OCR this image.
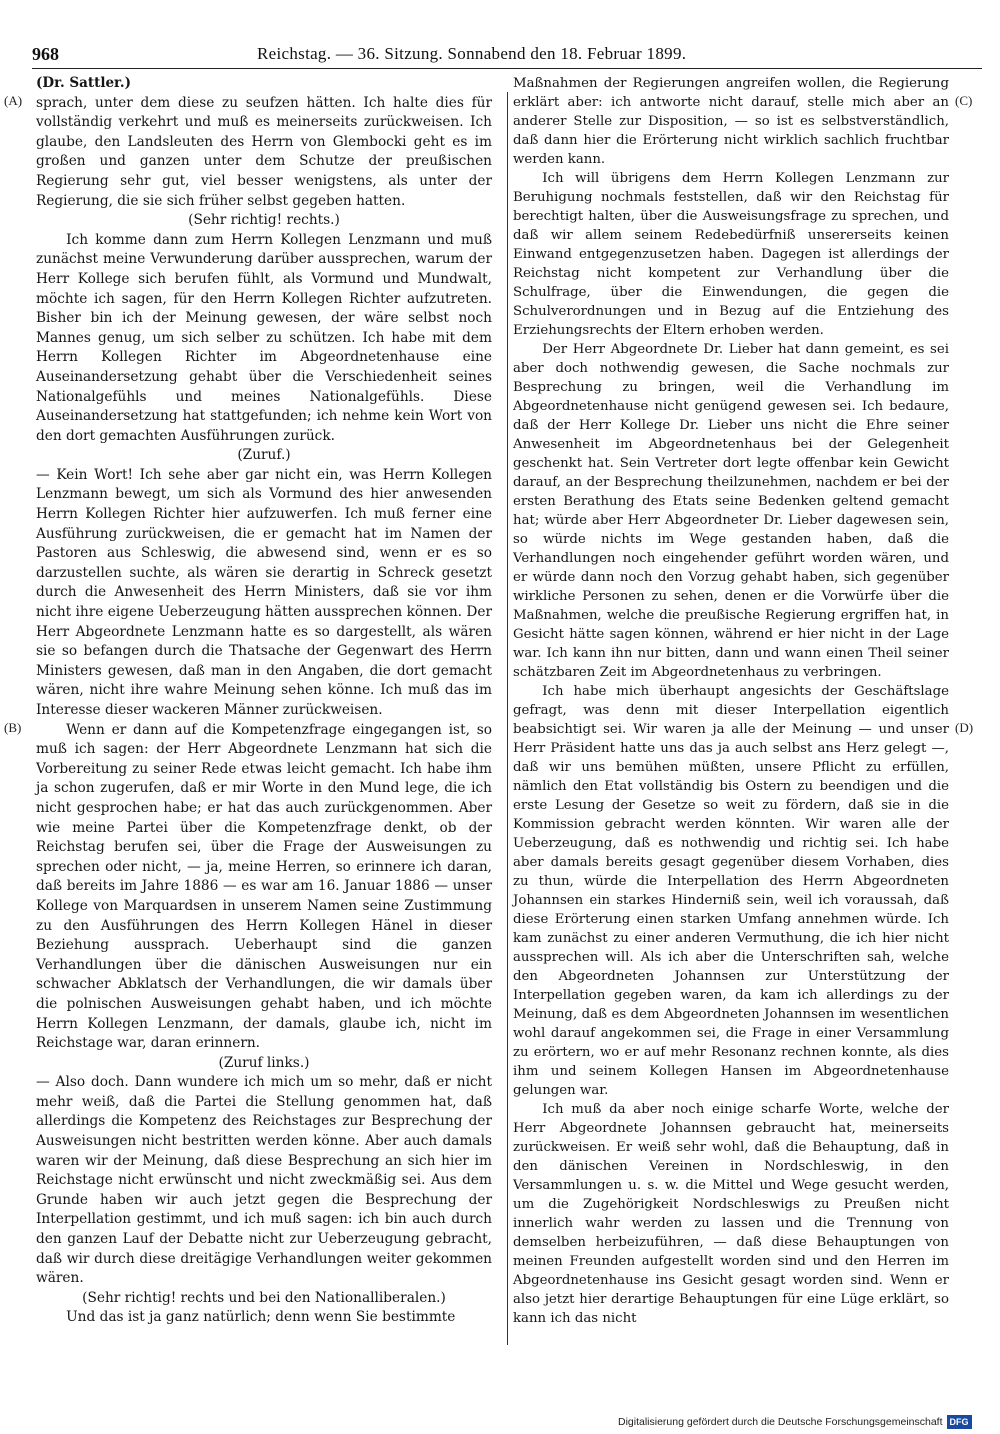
968	Reichstag. — 36. Sitzung. Sonnabend den 18. Februar 1899.
(A)
(B)
(C)
(D)

(Dr. Sattler.)

sprach, unter dem diese zu seufzen hätten. Ich halte dies für vollständig verkehrt und muß es meinerseits zurückweisen. Ich glaube, den Landsleuten des Herrn von Glembocki geht es im großen und ganzen unter dem Schutze der preußischen Regierung sehr gut, viel besser wenigstens, als unter der Regierung, die sie sich früher selbst gegeben hatten.

(Sehr richtig! rechts.)

Ich komme dann zum Herrn Kollegen Lenzmann und muß zunächst meine Verwunderung darüber aussprechen, warum der Herr Kollege sich berufen fühlt, als Vormund und Mundwalt, möchte ich sagen, für den Herrn Kollegen Richter aufzutreten. Bisher bin ich der Meinung gewesen, der wäre selbst noch Mannes genug, um sich selber zu schützen. Ich habe mit dem Herrn Kollegen Richter im Abgeordnetenhause eine Auseinandersetzung gehabt über die Verschiedenheit seines Nationalgefühls und meines Nationalgefühls. Diese Auseinandersetzung hat stattgefunden; ich nehme kein Wort von den dort gemachten Ausführungen zurück.

(Zuruf.)

— Kein Wort! Ich sehe aber gar nicht ein, was Herrn Kollegen Lenzmann bewegt, um sich als Vormund des hier anwesenden Herrn Kollegen Richter hier aufzuwerfen. Ich muß ferner eine Ausführung zurückweisen, die er gemacht hat im Namen der Pastoren aus Schleswig, die abwesend sind, wenn er es so darzustellen suchte, als wären sie derartig in Schreck gesetzt durch die Anwesenheit des Herrn Ministers, daß sie vor ihm nicht ihre eigene Ueberzeugung hätten aussprechen können. Der Herr Abgeordnete Lenzmann hatte es so dargestellt, als wären sie so befangen durch die Thatsache der Gegenwart des Herrn Ministers gewesen, daß man in den Angaben, die dort gemacht wären, nicht ihre wahre Meinung sehen könne. Ich muß das im Interesse dieser wackeren Männer zurückweisen.

Wenn er dann auf die Kompetenzfrage eingegangen ist, so muß ich sagen: der Herr Abgeordnete Lenzmann hat sich die Vorbereitung zu seiner Rede etwas leicht gemacht. Ich habe ihm ja schon zugerufen, daß er mir Worte in den Mund lege, die ich nicht gesprochen habe; er hat das auch zurückgenommen. Aber wie meine Partei über die Kompetenzfrage denkt, ob der Reichstag berufen sei, über die Frage der Ausweisungen zu sprechen oder nicht, — ja, meine Herren, so erinnere ich daran, daß bereits im Jahre 1886 — es war am 16. Januar 1886 — unser Kollege von Marquardsen in unserem Namen seine Zustimmung zu den Ausführungen des Herrn Kollegen Hänel in dieser Beziehung aussprach. Ueberhaupt sind die ganzen Verhandlungen über die dänischen Ausweisungen nur ein schwacher Abklatsch der Verhandlungen, die wir damals über die polnischen Ausweisungen gehabt haben, und ich möchte Herrn Kollegen Lenzmann, der damals, glaube ich, nicht im Reichstage war, daran erinnern.

(Zuruf links.)

— Also doch. Dann wundere ich mich um so mehr, daß er nicht mehr weiß, daß die Partei die Stellung genommen hat, daß allerdings die Kompetenz des Reichstages zur Besprechung der Ausweisungen nicht bestritten werden könne. Aber auch damals waren wir der Meinung, daß diese Besprechung an sich hier im Reichstage nicht erwünscht und nicht zweckmäßig sei. Aus dem Grunde haben wir auch jetzt gegen die Besprechung der Interpellation gestimmt, und ich muß sagen: ich bin auch durch den ganzen Lauf der Debatte nicht zur Ueberzeugung gebracht, daß wir durch diese dreitägige Verhandlungen weiter gekommen wären.

(Sehr richtig! rechts und bei den Nationalliberalen.)

Und das ist ja ganz natürlich; denn wenn Sie bestimmte

Maßnahmen der Regierungen angreifen wollen, die Regierung erklärt aber: ich antworte nicht darauf, stelle mich aber an anderer Stelle zur Disposition, — so ist es selbstverständlich, daß dann hier die Erörterung nicht wirklich sachlich fruchtbar werden kann.

Ich will übrigens dem Herrn Kollegen Lenzmann zur Beruhigung nochmals feststellen, daß wir den Reichstag für berechtigt halten, über die Ausweisungsfrage zu sprechen, und daß wir allem seinem Redebedürfniß unsererseits keinen Einwand entgegenzusetzen haben. Dagegen ist allerdings der Reichstag nicht kompetent zur Verhandlung über die Schulfrage, über die Einwendungen, die gegen die Schulverordnungen und in Bezug auf die Entziehung des Erziehungsrechts der Eltern erhoben werden.

Der Herr Abgeordnete Dr. Lieber hat dann gemeint, es sei aber doch nothwendig gewesen, die Sache nochmals zur Besprechung zu bringen, weil die Verhandlung im Abgeordnetenhause nicht genügend gewesen sei. Ich bedaure, daß der Herr Kollege Dr. Lieber uns nicht die Ehre seiner Anwesenheit im Abgeordnetenhaus bei der Gelegenheit geschenkt hat. Sein Vertreter dort legte offenbar kein Gewicht darauf, an der Besprechung theilzunehmen, nachdem er bei der ersten Berathung des Etats seine Bedenken geltend gemacht hat; würde aber Herr Abgeordneter Dr. Lieber dagewesen sein, so würde nichts im Wege gestanden haben, daß die Verhandlungen noch eingehender geführt worden wären, und er würde dann noch den Vorzug gehabt haben, sich gegenüber wirkliche Personen zu sehen, denen er die Vorwürfe über die Maßnahmen, welche die preußische Regierung ergriffen hat, in Gesicht hätte sagen können, während er hier nicht in der Lage war. Ich kann ihn nur bitten, dann und wann einen Theil seiner schätzbaren Zeit im Abgeordnetenhaus zu verbringen.

Ich habe mich überhaupt angesichts der Geschäftslage gefragt, was denn mit dieser Interpellation eigentlich beabsichtigt sei. Wir waren ja alle der Meinung — und unser Herr Präsident hatte uns das ja auch selbst ans Herz gelegt —, daß wir uns bemühen müßten, unsere Pflicht zu erfüllen, nämlich den Etat vollständig bis Ostern zu beendigen und die erste Lesung der Gesetze so weit zu fördern, daß sie in die Kommission gebracht werden könnten. Wir waren alle der Ueberzeugung, daß es nothwendig und richtig sei. Ich habe aber damals bereits gesagt gegenüber diesem Vorhaben, dies zu thun, würde die Interpellation des Herrn Abgeordneten Johannsen ein starkes Hinderniß sein, weil ich voraussah, daß diese Erörterung einen starken Umfang annehmen würde. Ich kam zunächst zu einer anderen Vermuthung, die ich hier nicht aussprechen will. Als ich aber die Unterschriften sah, welche den Abgeordneten Johannsen zur Unterstützung der Interpellation gegeben waren, da kam ich allerdings zu der Meinung, daß es dem Abgeordneten Johannsen im wesentlichen wohl darauf angekommen sei, die Frage in einer Versammlung zu erörtern, wo er auf mehr Resonanz rechnen konnte, als dies ihm und seinem Kollegen Hansen im Abgeordnetenhause gelungen war.

Ich muß da aber noch einige scharfe Worte, welche der Herr Abgeordnete Johannsen gebraucht hat, meinerseits zurückweisen. Er weiß sehr wohl, daß die Behauptung, daß in den dänischen Vereinen in Nordschleswig, in den Versammlungen u. s. w. die Mittel und Wege gesucht werden, um die Zugehörigkeit Nordschleswigs zu Preußen nicht innerlich wahr werden zu lassen und die Trennung von demselben herbeizuführen, — daß diese Behauptungen von meinen Freunden aufgestellt worden sind und den Herren im Abgeordnetenhause ins Gesicht gesagt worden sind. Wenn er also jetzt hier derartige Behauptungen für eine Lüge erklärt, so kann ich das nicht

Digitalisierung gefördert durch die Deutsche Forschungsgemeinschaft DFG
